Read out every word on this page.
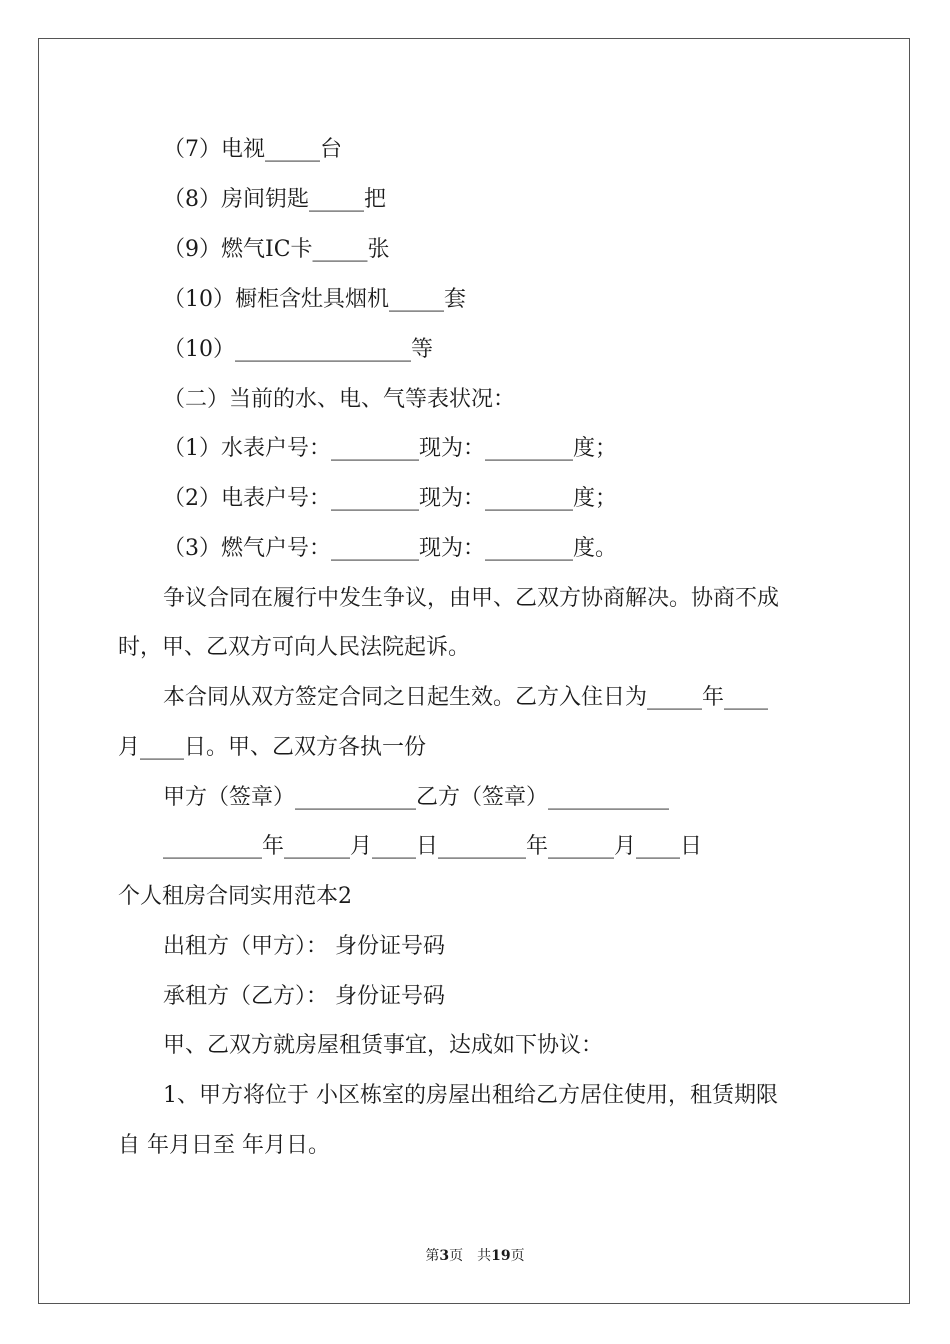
（7）电视_____台
（8）房间钥匙_____把
（9）燃气IC卡_____张
（10）橱柜含灶具烟机_____套
（10）________________等
（二）当前的水、电、气等表状况：
（1）水表户号：________现为：________度；
（2）电表户号：________现为：________度；
（3）燃气户号：________现为：________度。
争议合同在履行中发生争议，由甲、乙双方协商解决。协商不成
时，甲、乙双方可向人民法院起诉。
本合同从双方签定合同之日起生效。乙方入住日为_____年____
月____日。甲、乙双方各执一份
甲方（签章）___________乙方（签章）___________
_________年______月____日________年______月____日
个人租房合同实用范本2
出租方（甲方）： 身份证号码
承租方（乙方）： 身份证号码
甲、乙双方就房屋租赁事宜，达成如下协议：
1、甲方将位于 小区栋室的房屋出租给乙方居住使用，租赁期限
自 年月日至 年月日。
第3页　共19页
